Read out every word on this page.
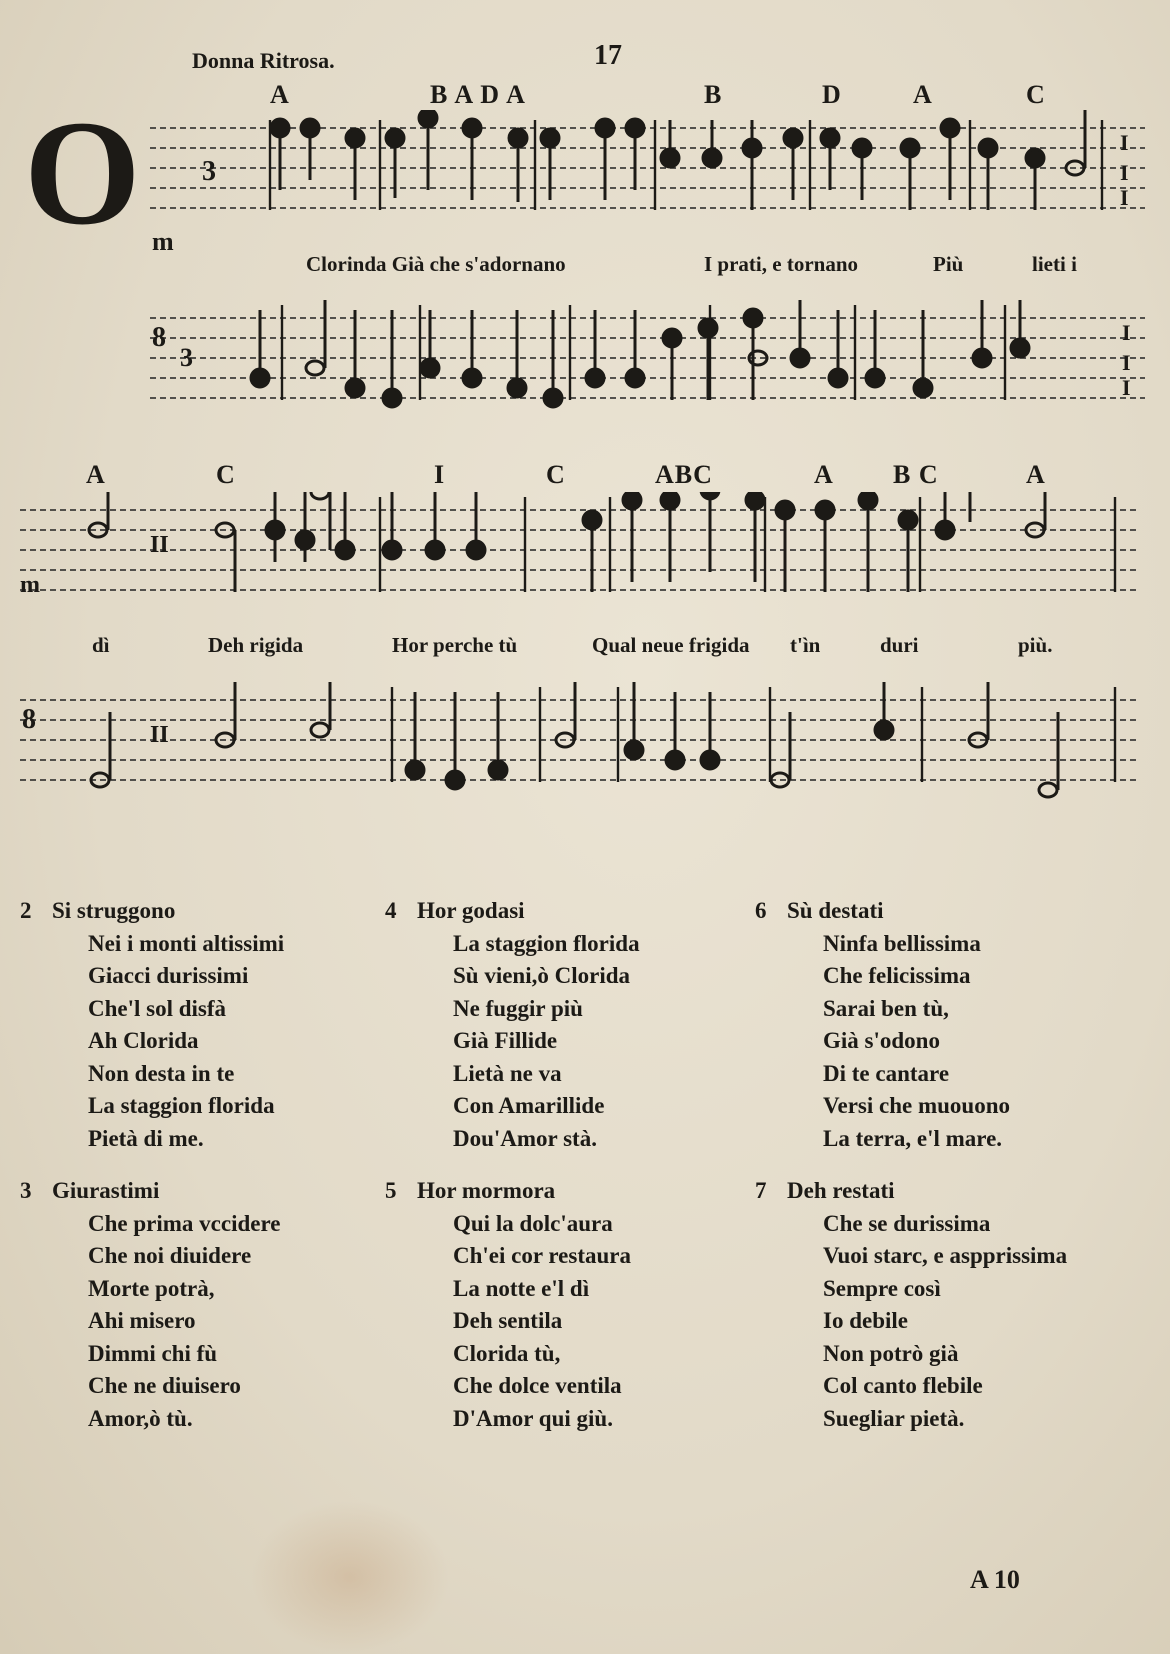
Donna Ritrosa.	17
O	A	B A D A	B	D	A	C
m
3
I
I
I
Clorinda Già che s'adornano	I prati, e tornano	Più	lieti i
8
3
I
I
I
A	C	I	C	ABC	A B C	A
m
II
dì	Deh rigida	Hor perche tù	Qual neue frigida t'ìn	duri	più.
8	II
2 Si struggono
Nei i monti altissimi
Giacci durissimi
Che'l sol disfà
Ah Clorida
Non desta in te
La staggion florida
Pietà di me.
4 Hor godasi
La staggion florida
Sù vieni,ò Clorida
Ne fuggir più
Già Fillide
Lietà ne va
Con Amarillide
Dou'Amor stà.
6 Sù destati
Ninfa bellissima
Che felicissima
Sarai ben tù,
Già s'odono
Di te cantare
Versi che muouono
La terra, e'l mare.
3 Giurastimi
Che prima vccidere
Che noi diuidere
Morte potrà,
Ahi misero
Dimmi chi fù
Che ne diuisero
Amor,ò tù.
5 Hor mormora
Qui la dolc'aura
Ch'ei cor restaura
La notte e'l dì
Deh sentila
Clorida tù,
Che dolce ventila
D'Amor qui giù.
7 Deh restati
Che se durissima
Vuoi starc, e aspprissima
Sempre così
Io debile
Non potrò già
Col canto flebile
Suegliar pietà.
A 10
